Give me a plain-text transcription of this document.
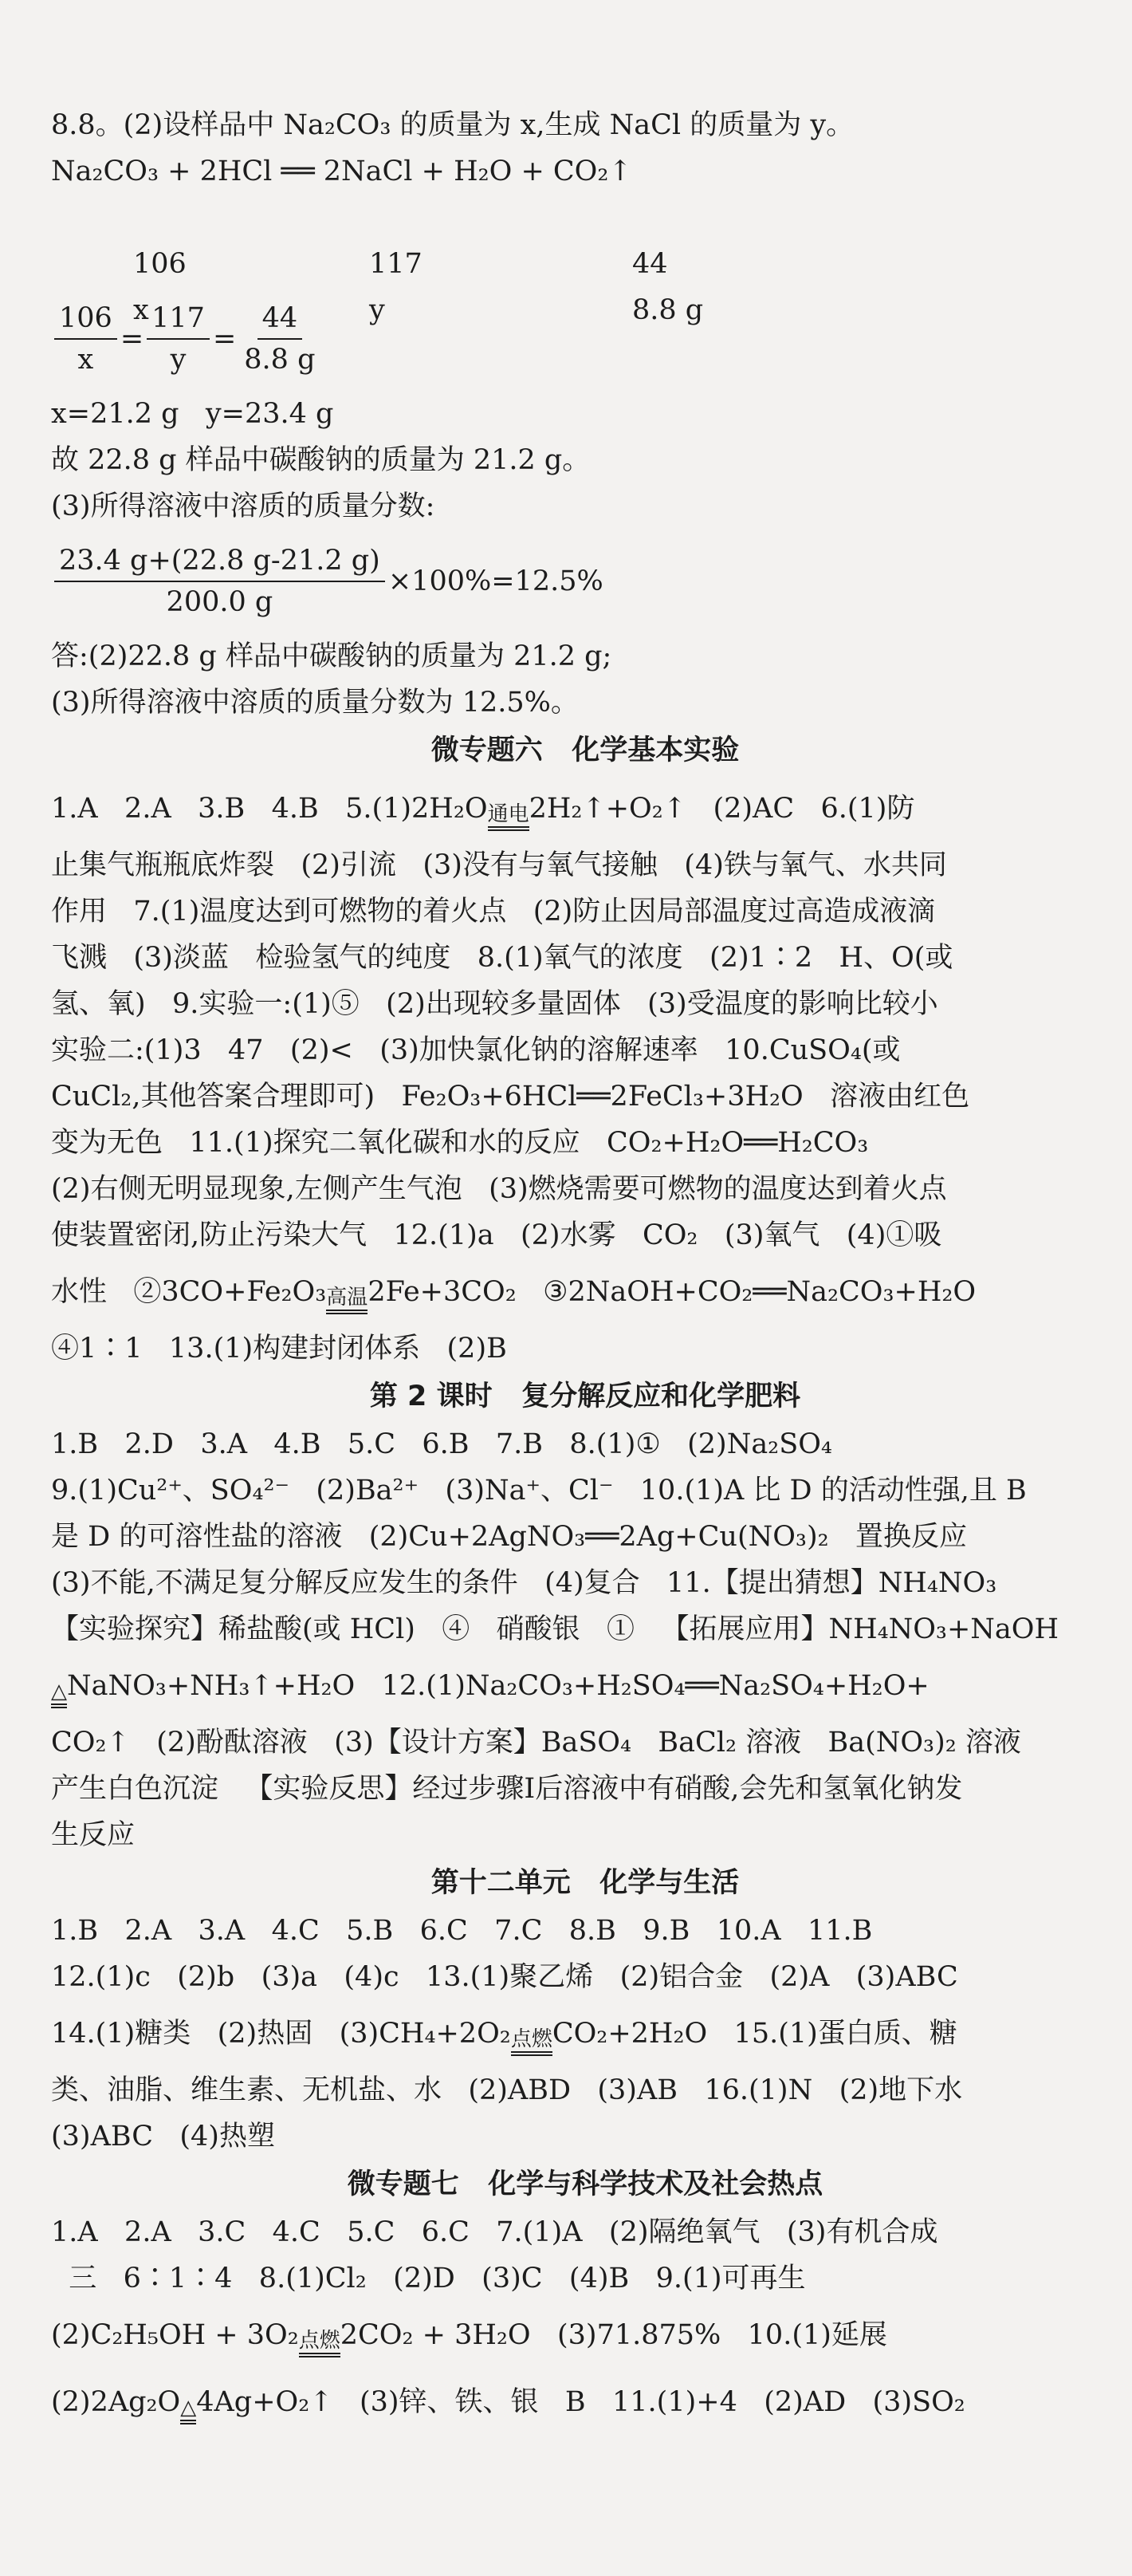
8.8。(2)设样品中 Na₂CO₃ 的质量为 x,生成 NaCl 的质量为 y。
Na₂CO₃ + 2HCl ══ 2NaCl + H₂O + CO₂↑

106	117	44

x	y	8.8 g

$\frac{106}{x} = \frac{117}{y} = \frac{44}{8.8 g}$
x=21.2 g   y=23.4 g
故 22.8 g 样品中碳酸钠的质量为 21.2 g。
(3)所得溶液中溶质的质量分数:
$\frac{23.4 g+(22.8 g-21.2 g)}{200.0 g} \times 100\%=12.5\%$
答:(2)22.8 g 样品中碳酸钠的质量为 21.2 g;
(3)所得溶液中溶质的质量分数为 12.5%。
微专题六   化学基本实验
1.A   2.A   3.B   4.B   5.(1)2H₂O 通电 2H₂↑+O₂↑   (2)AC   6.(1)防
止集气瓶瓶底炸裂   (2)引流   (3)没有与氧气接触   (4)铁与氧气、水共同
作用   7.(1)温度达到可燃物的着火点   (2)防止因局部温度过高造成液滴
飞溅   (3)淡蓝   检验氢气的纯度   8.(1)氧气的浓度   (2)1∶2   H、O(或
氢、氧)   9.实验一:(1)⑤   (2)出现较多量固体   (3)受温度的影响比较小
实验二:(1)3   47   (2)<   (3)加快氯化钠的溶解速率   10.CuSO₄(或
CuCl₂,其他答案合理即可)   Fe₂O₃+6HCl══2FeCl₃+3H₂O   溶液由红色
变为无色   11.(1)探究二氧化碳和水的反应   CO₂+H₂O══H₂CO₃
(2)右侧无明显现象,左侧产生气泡   (3)燃烧需要可燃物的温度达到着火点
使装置密闭,防止污染大气   12.(1)a   (2)水雾   CO₂   (3)氧气   (4)①吸
水性   ②3CO+Fe₂O₃ 高温 2Fe+3CO₂   ③2NaOH+CO₂══Na₂CO₃+H₂O
④1∶1   13.(1)构建封闭体系   (2)B
第 2 课时   复分解反应和化学肥料
1.B   2.D   3.A   4.B   5.C   6.B   7.B   8.(1)①   (2)Na₂SO₄
9.(1)Cu²⁺、SO₄²⁻   (2)Ba²⁺   (3)Na⁺、Cl⁻   10.(1)A 比 D 的活动性强,且 B
是 D 的可溶性盐的溶液   (2)Cu+2AgNO₃══2Ag+Cu(NO₃)₂   置换反应
(3)不能,不满足复分解反应发生的条件   (4)复合   11.【提出猜想】NH₄NO₃
【实验探究】稀盐酸(或 HCl)   ④   硝酸银   ①   【拓展应用】NH₄NO₃+NaOH
△ NaNO₃+NH₃↑+H₂O   12.(1)Na₂CO₃+H₂SO₄══Na₂SO₄+H₂O+
CO₂↑   (2)酚酞溶液   (3)【设计方案】BaSO₄   BaCl₂ 溶液   Ba(NO₃)₂ 溶液
产生白色沉淀   【实验反思】经过步骤Ⅰ后溶液中有硝酸,会先和氢氧化钠发
生反应
第十二单元   化学与生活
1.B   2.A   3.A   4.C   5.B   6.C   7.C   8.B   9.B   10.A   11.B
12.(1)c   (2)b   (3)a   (4)c   13.(1)聚乙烯   (2)铝合金   (2)A   (3)ABC
14.(1)糖类   (2)热固   (3)CH₄+2O₂ 点燃 CO₂+2H₂O   15.(1)蛋白质、糖
类、油脂、维生素、无机盐、水   (2)ABD   (3)AB   16.(1)N   (2)地下水
(3)ABC   (4)热塑
微专题七   化学与科学技术及社会热点
1.A   2.A   3.C   4.C   5.C   6.C   7.(1)A   (2)隔绝氧气   (3)有机合成
三   6∶1∶4   8.(1)Cl₂   (2)D   (3)C   (4)B   9.(1)可再生
(2)C₂H₅OH + 3O₂ 点燃 2CO₂ + 3H₂O   (3)71.875%   10.(1)延展
(2)2Ag₂O △ 4Ag+O₂↑   (3)锌、铁、银   B   11.(1)+4   (2)AD   (3)SO₂
